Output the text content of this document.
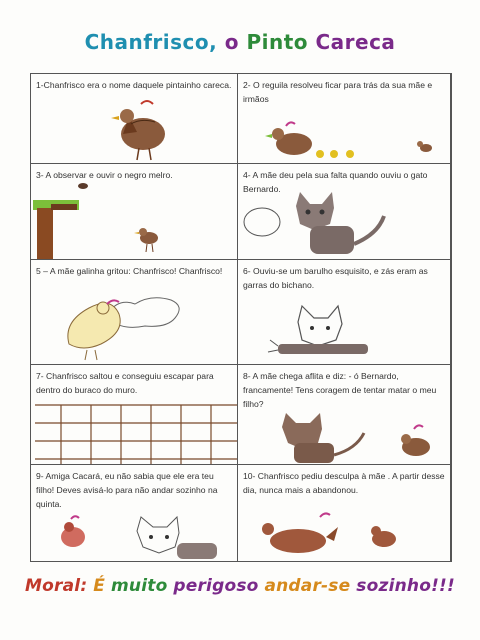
Chanfrisco, o Pinto Careca
1-Chanfrisco era o nome daquele pintainho careca. 2- O reguila resolveu ficar para trás da sua mãe e irmãos
3- A observar e ouvir o negro melro.	4- A mãe deu pela sua falta quando ouviu o gato Bernardo.
5 – A mãe galinha gritou: Chanfrisco! Chanfrisco!	6- Ouviu-se um barulho esquisito, e zás eram as garras do bichano.
7- Chanfrisco saltou e conseguiu escapar para dentro do buraco do muro.
8- A mãe chega aflita e diz: - ó Bernardo, francamente! Tens coragem de tentar matar o meu filho?
9- Amiga Cacará, eu não sabia que ele era teu filho! Deves avisá-lo para não andar sozinho na quinta.
10- Chanfrisco pediu desculpa à mãe . A partir desse dia, nunca mais a abandonou.
Moral: É muito perigoso andar-se sozinho!!!
